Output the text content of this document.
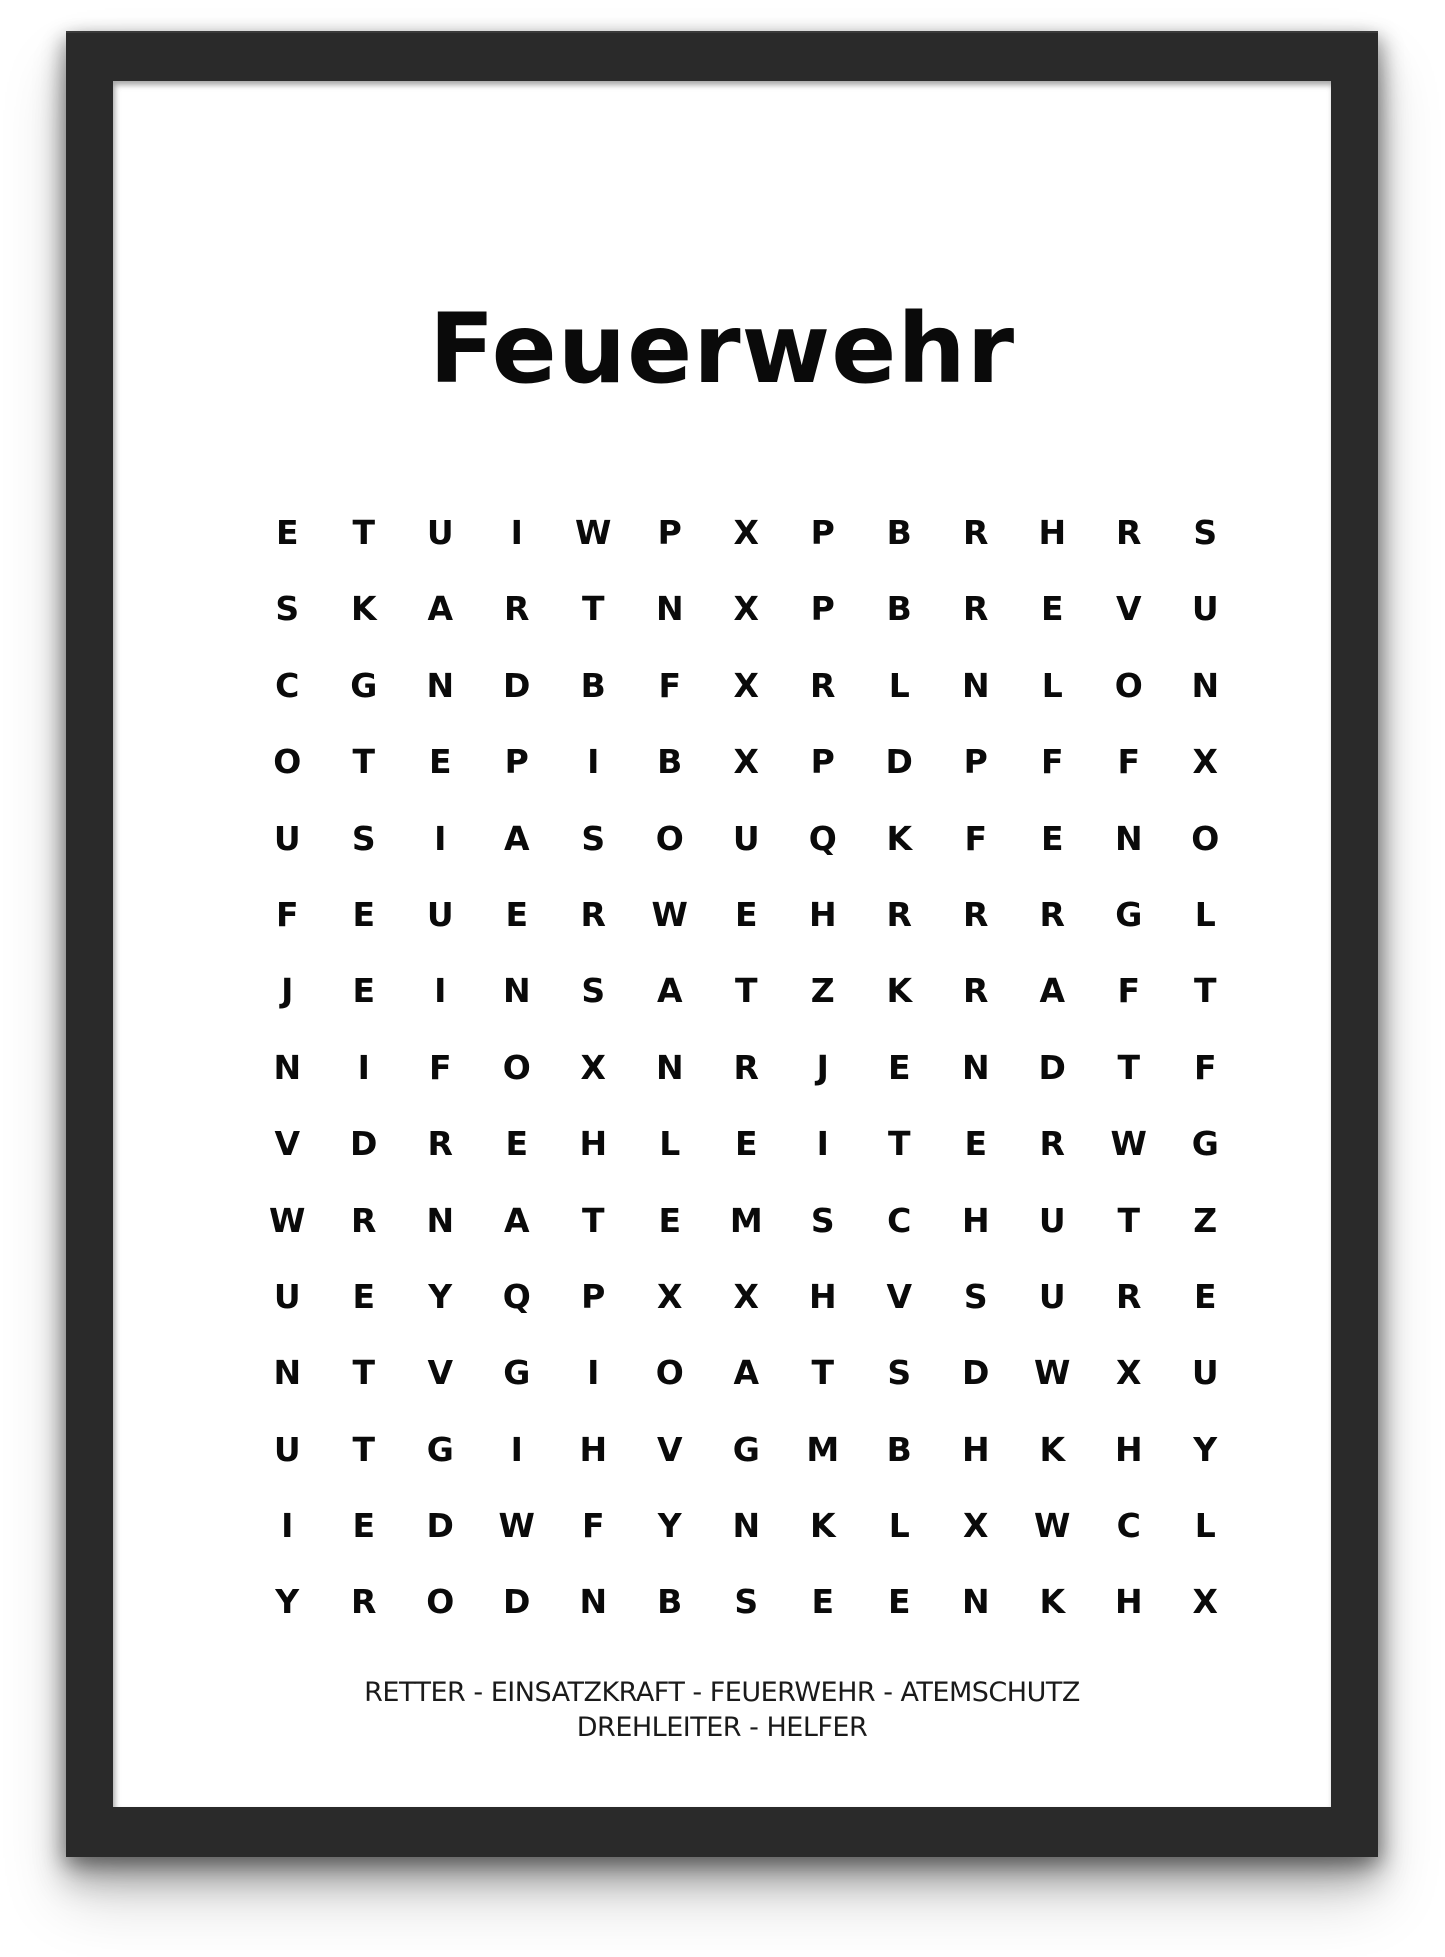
Feuerwehr
E	T	U	I	W	P	X	P	B	R	H	R	S
S	K	A	R	T	N	X	P	B	R	E	V	U
C	G	N	D	B	F	X	R	L	N	L	O	N
O	T	E	P	I	B	X	P	D	P	F	F	X
U	S	I	A	S	O	U	Q	K	F	E	N	O
F	E	U	E	R	W	E	H	R	R	R	G	L
J	E	I	N	S	A	T	Z	K	R	A	F	T
N	I	F	O	X	N	R	J	E	N	D	T	F
V	D	R	E	H	L	E	I	T	E	R	W	G
W	R	N	A	T	E	M	S	C	H	U	T	Z
U	E	Y	Q	P	X	X	H	V	S	U	R	E
N	T	V	G	I	O	A	T	S	D	W	X	U
U	T	G	I	H	V	G	M	B	H	K	H	Y
I	E	D	W	F	Y	N	K	L	X	W	C	L
Y	R	O	D	N	B	S	E	E	N	K	H	X
RETTER - EINSATZKRAFT - FEUERWEHR - ATEMSCHUTZ
DREHLEITER - HELFER
